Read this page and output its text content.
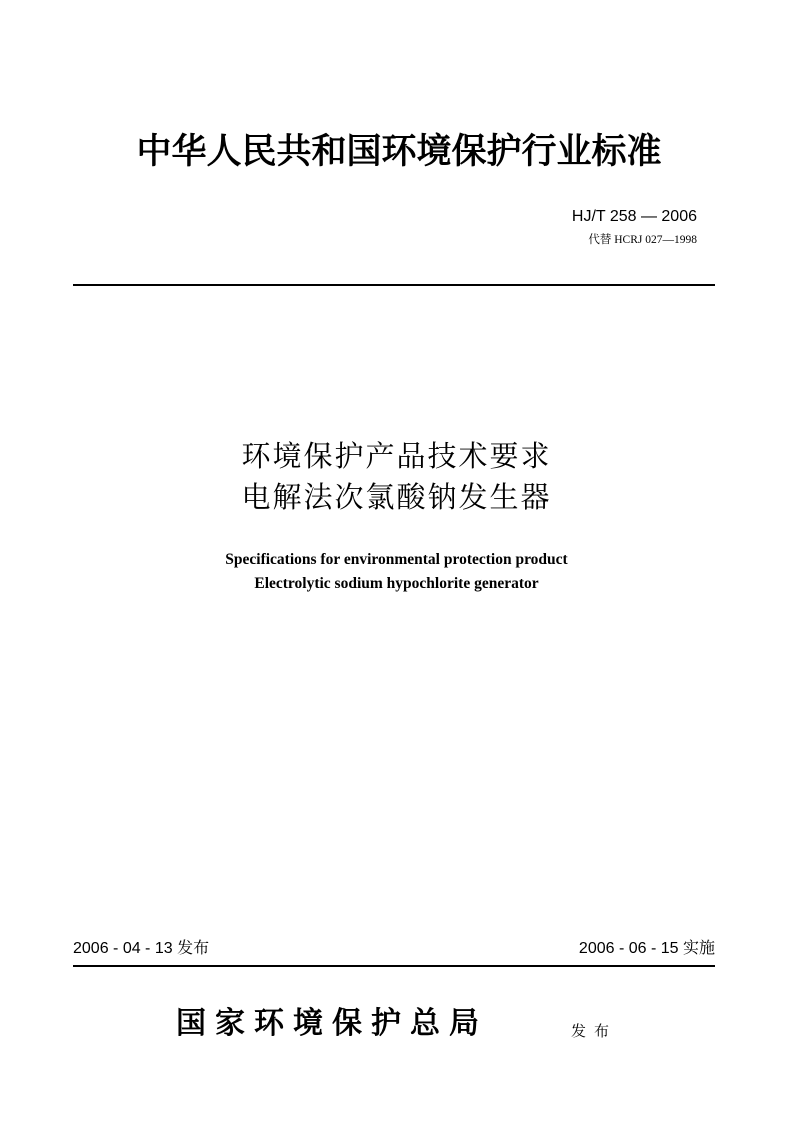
中华人民共和国环境保护行业标准
HJ/T 258 — 2006
代替 HCRJ 027—1998
环境保护产品技术要求
电解法次氯酸钠发生器
Specifications for environmental protection product
Electrolytic sodium hypochlorite generator
2006 - 04 - 13 发布	2006 - 06 - 15 实施
国家环境保护总局	发布
